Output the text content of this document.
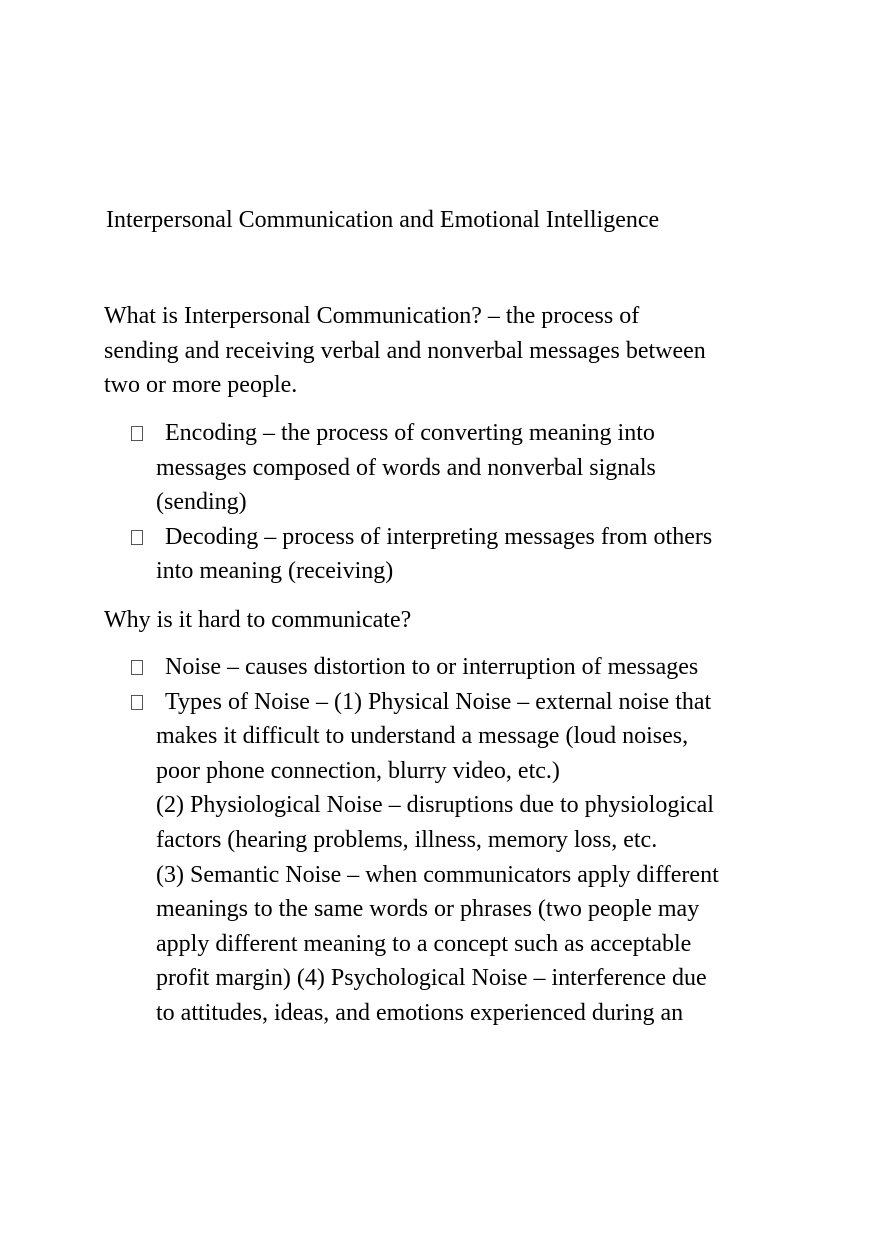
Interpersonal Communication and Emotional Intelligence
What is Interpersonal Communication? – the process of
sending and receiving verbal and nonverbal messages between
two or more people.
Encoding – the process of converting meaning into
messages composed of words and nonverbal signals
(sending)
Decoding – process of interpreting messages from others
into meaning (receiving)
Why is it hard to communicate?
Noise – causes distortion to or interruption of messages
Types of Noise – (1) Physical Noise – external noise that
makes it difficult to understand a message (loud noises,
poor phone connection, blurry video, etc.)
(2) Physiological Noise – disruptions due to physiological
factors (hearing problems, illness, memory loss, etc.
(3) Semantic Noise – when communicators apply different
meanings to the same words or phrases (two people may
apply different meaning to a concept such as acceptable
profit margin) (4) Psychological Noise – interference due
to attitudes, ideas, and emotions experienced during an
